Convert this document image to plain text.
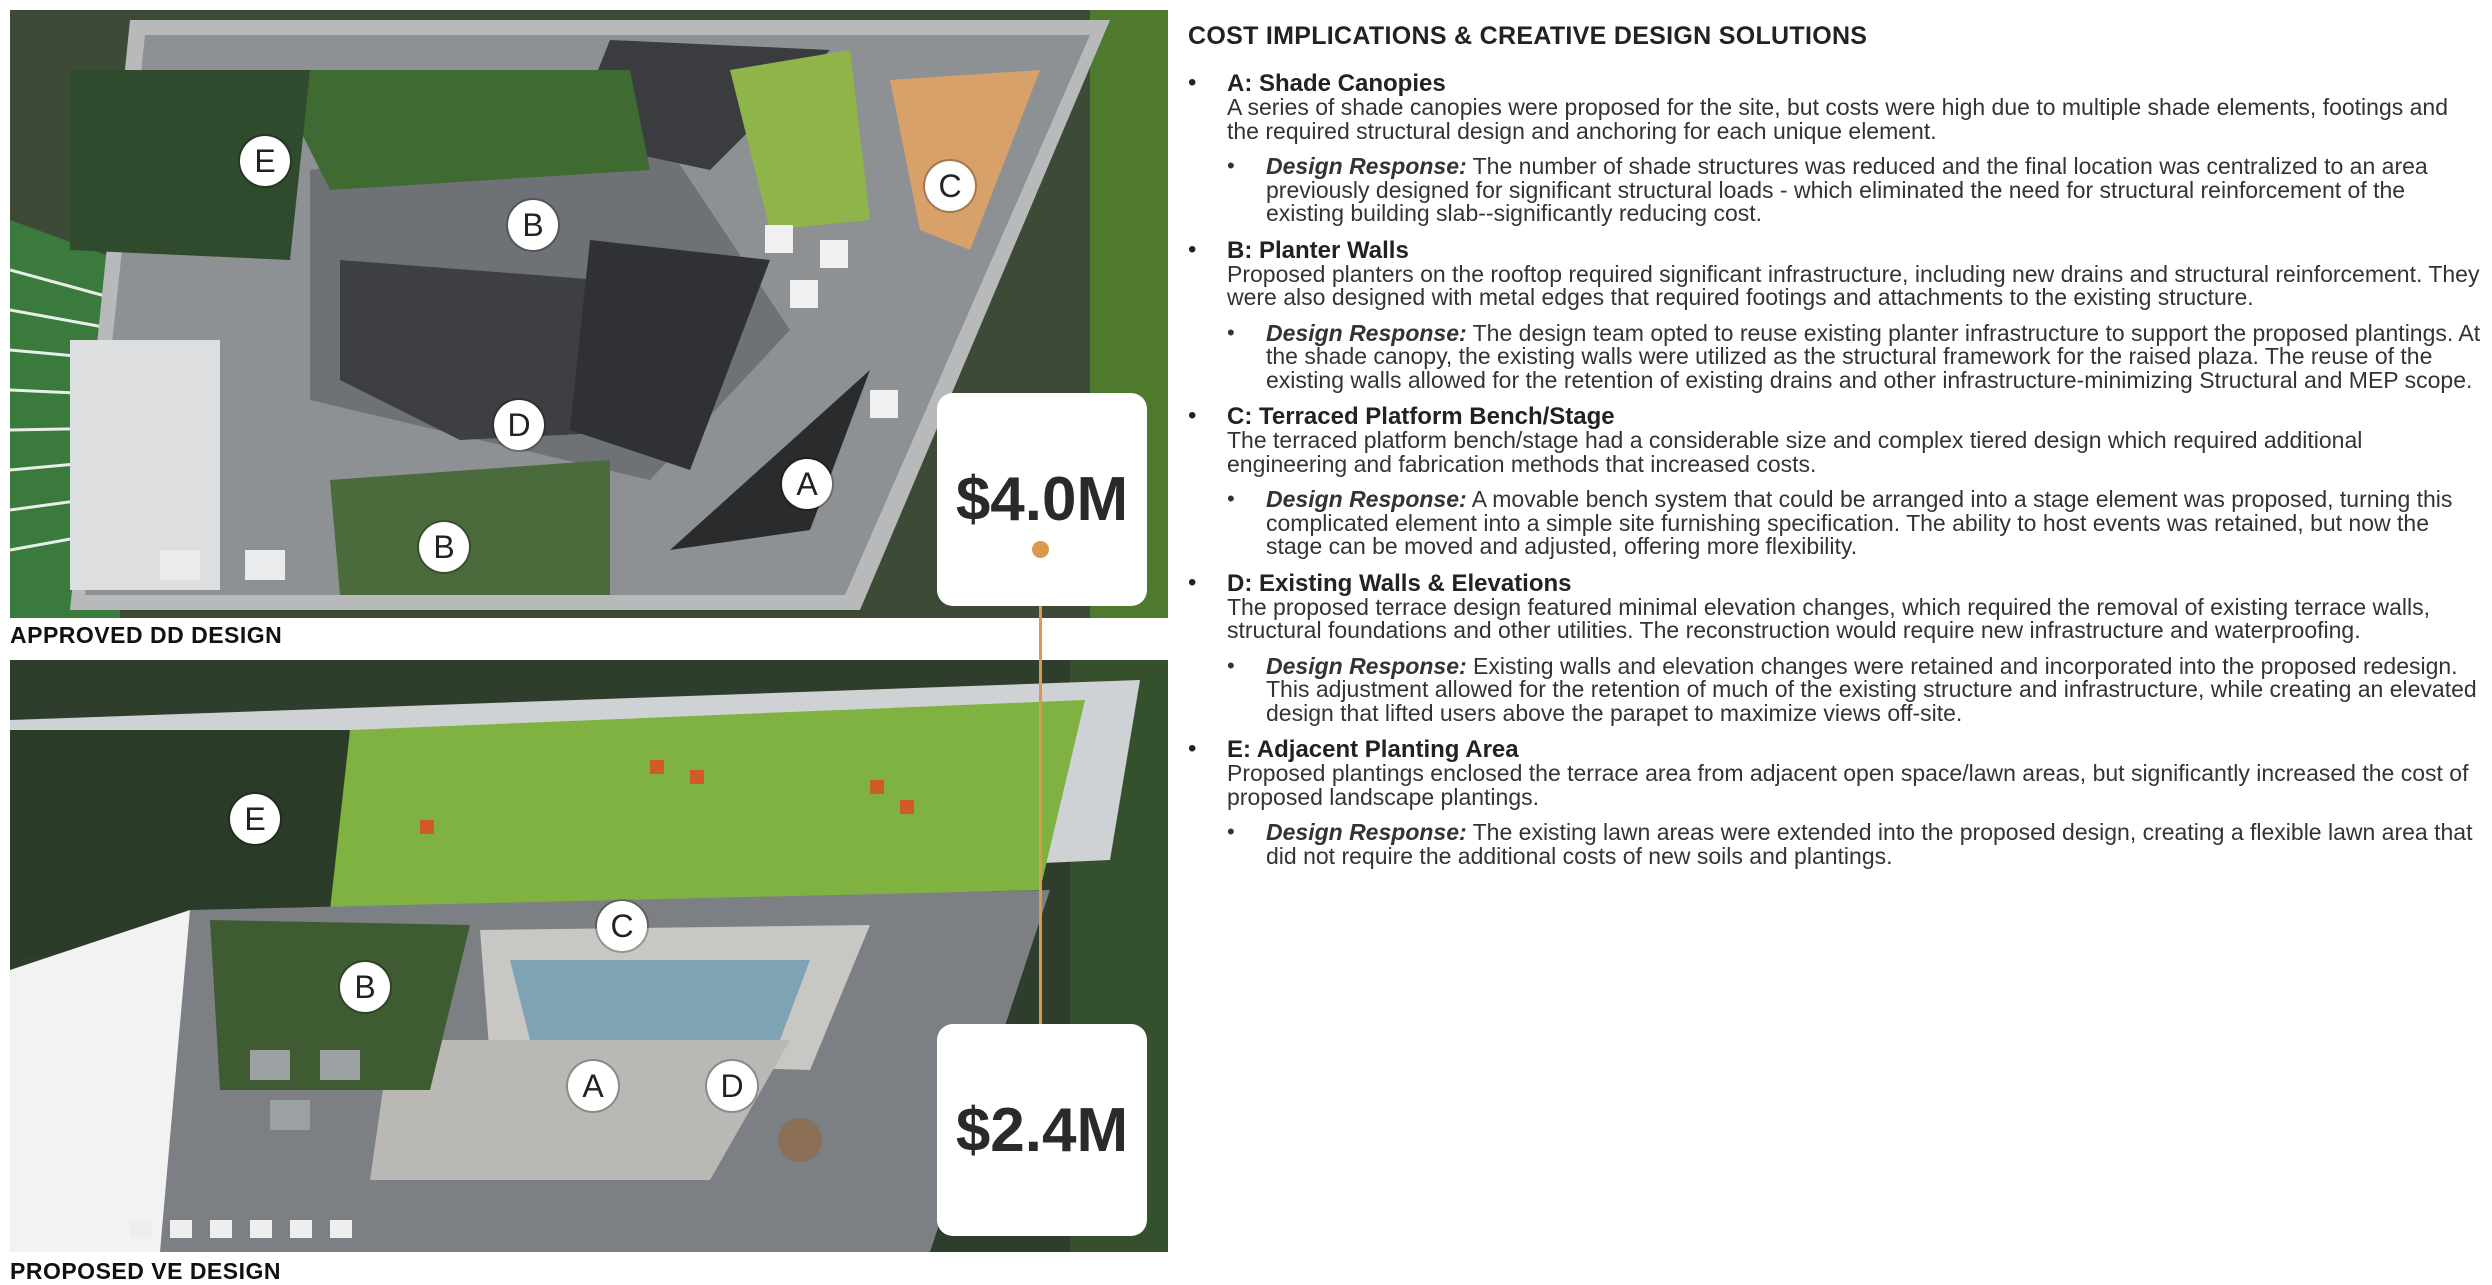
E
B
C
D
A
B
APPROVED DD DESIGN
E
C
B
A	D
PROPOSED VE DESIGN
$4.0M
$2.4M
COST IMPLICATIONS & CREATIVE DESIGN SOLUTIONS
• A: Shade Canopies
A series of shade canopies were proposed for the site, but costs were high due to multiple shade elements, footings and the required structural design and anchoring for each unique element.
• Design Response: The number of shade structures was reduced and the final location was centralized to an area previously designed for significant structural loads - which eliminated the need for structural reinforcement of the existing building slab--significantly reducing cost.
• B: Planter Walls
Proposed planters on the rooftop required significant infrastructure, including new drains and structural reinforcement. They were also designed with metal edges that required footings and attachments to the existing structure.
• Design Response: The design team opted to reuse existing planter infrastructure to support the proposed plantings. At the shade canopy, the existing walls were utilized as the structural framework for the raised plaza. The reuse of the existing walls allowed for the retention of existing drains and other infrastructure-minimizing Structural and MEP scope.
• C: Terraced Platform Bench/Stage
The terraced platform bench/stage had a considerable size and complex tiered design which required additional engineering and fabrication methods that increased costs.
• Design Response: A movable bench system that could be arranged into a stage element was proposed, turning this complicated element into a simple site furnishing specification. The ability to host events was retained, but now the stage can be moved and adjusted, offering more flexibility.
• D: Existing Walls & Elevations
The proposed terrace design featured minimal elevation changes, which required the removal of existing terrace walls, structural foundations and other utilities. The reconstruction would require new infrastructure and waterproofing.
• Design Response: Existing walls and elevation changes were retained and incorporated into the proposed redesign. This adjustment allowed for the retention of much of the existing structure and infrastructure, while creating an elevated design that lifted users above the parapet to maximize views off-site.
• E: Adjacent Planting Area
Proposed plantings enclosed the terrace area from adjacent open space/lawn areas, but significantly increased the cost of proposed landscape plantings.
• Design Response: The existing lawn areas were extended into the proposed design, creating a flexible lawn area that did not require the additional costs of new soils and plantings.
